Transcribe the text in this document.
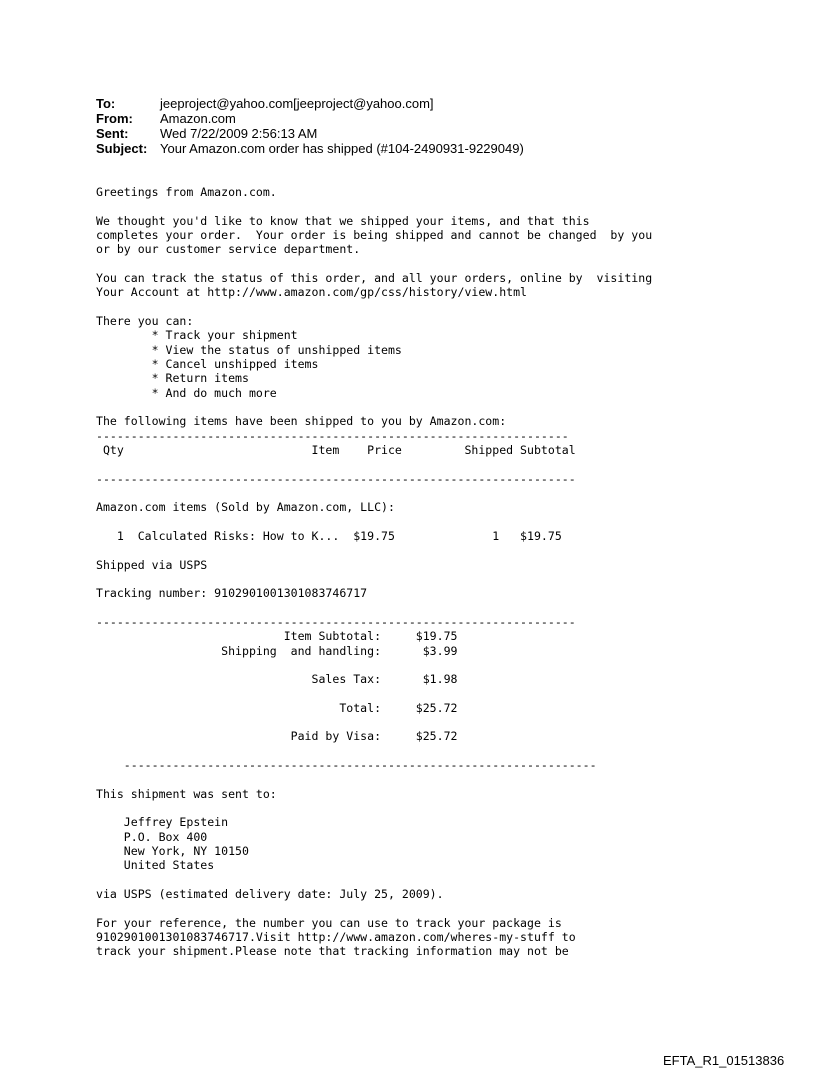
To:	jeeproject@yahoo.com[jeeproject@yahoo.com]
From:	Amazon.com
Sent:	Wed 7/22/2009 2:56:13 AM
Subject: Your Amazon.com order has shipped (#104-2490931-9229049)
Greetings from Amazon.com.

We thought you'd like to know that we shipped your items, and that this
completes your order.  Your order is being shipped and cannot be changed  by you
or by our customer service department.

You can track the status of this order, and all your orders, online by  visiting
Your Account at http://www.amazon.com/gp/css/history/view.html

There you can:
* Track your shipment
* View the status of unshipped items
* Cancel unshipped items
* Return items
* And do much more

The following items have been shipped to you by Amazon.com:
--------------------------------------------------------------------
Qty                           Item    Price         Shipped Subtotal

---------------------------------------------------------------------

Amazon.com items (Sold by Amazon.com, LLC):

1  Calculated Risks: How to K...  $19.75              1   $19.75

Shipped via USPS

Tracking number: 9102901001301083746717

---------------------------------------------------------------------
Item Subtotal:     $19.75
Shipping  and handling:      $3.99

Sales Tax:      $1.98

Total:     $25.72

Paid by Visa:     $25.72

--------------------------------------------------------------------

This shipment was sent to:

Jeffrey Epstein
P.O. Box 400
New York, NY 10150
United States

via USPS (estimated delivery date: July 25, 2009).

For your reference, the number you can use to track your package is
9102901001301083746717.Visit http://www.amazon.com/wheres-my-stuff to
track your shipment.Please note that tracking information may not be
EFTA_R1_01513836
